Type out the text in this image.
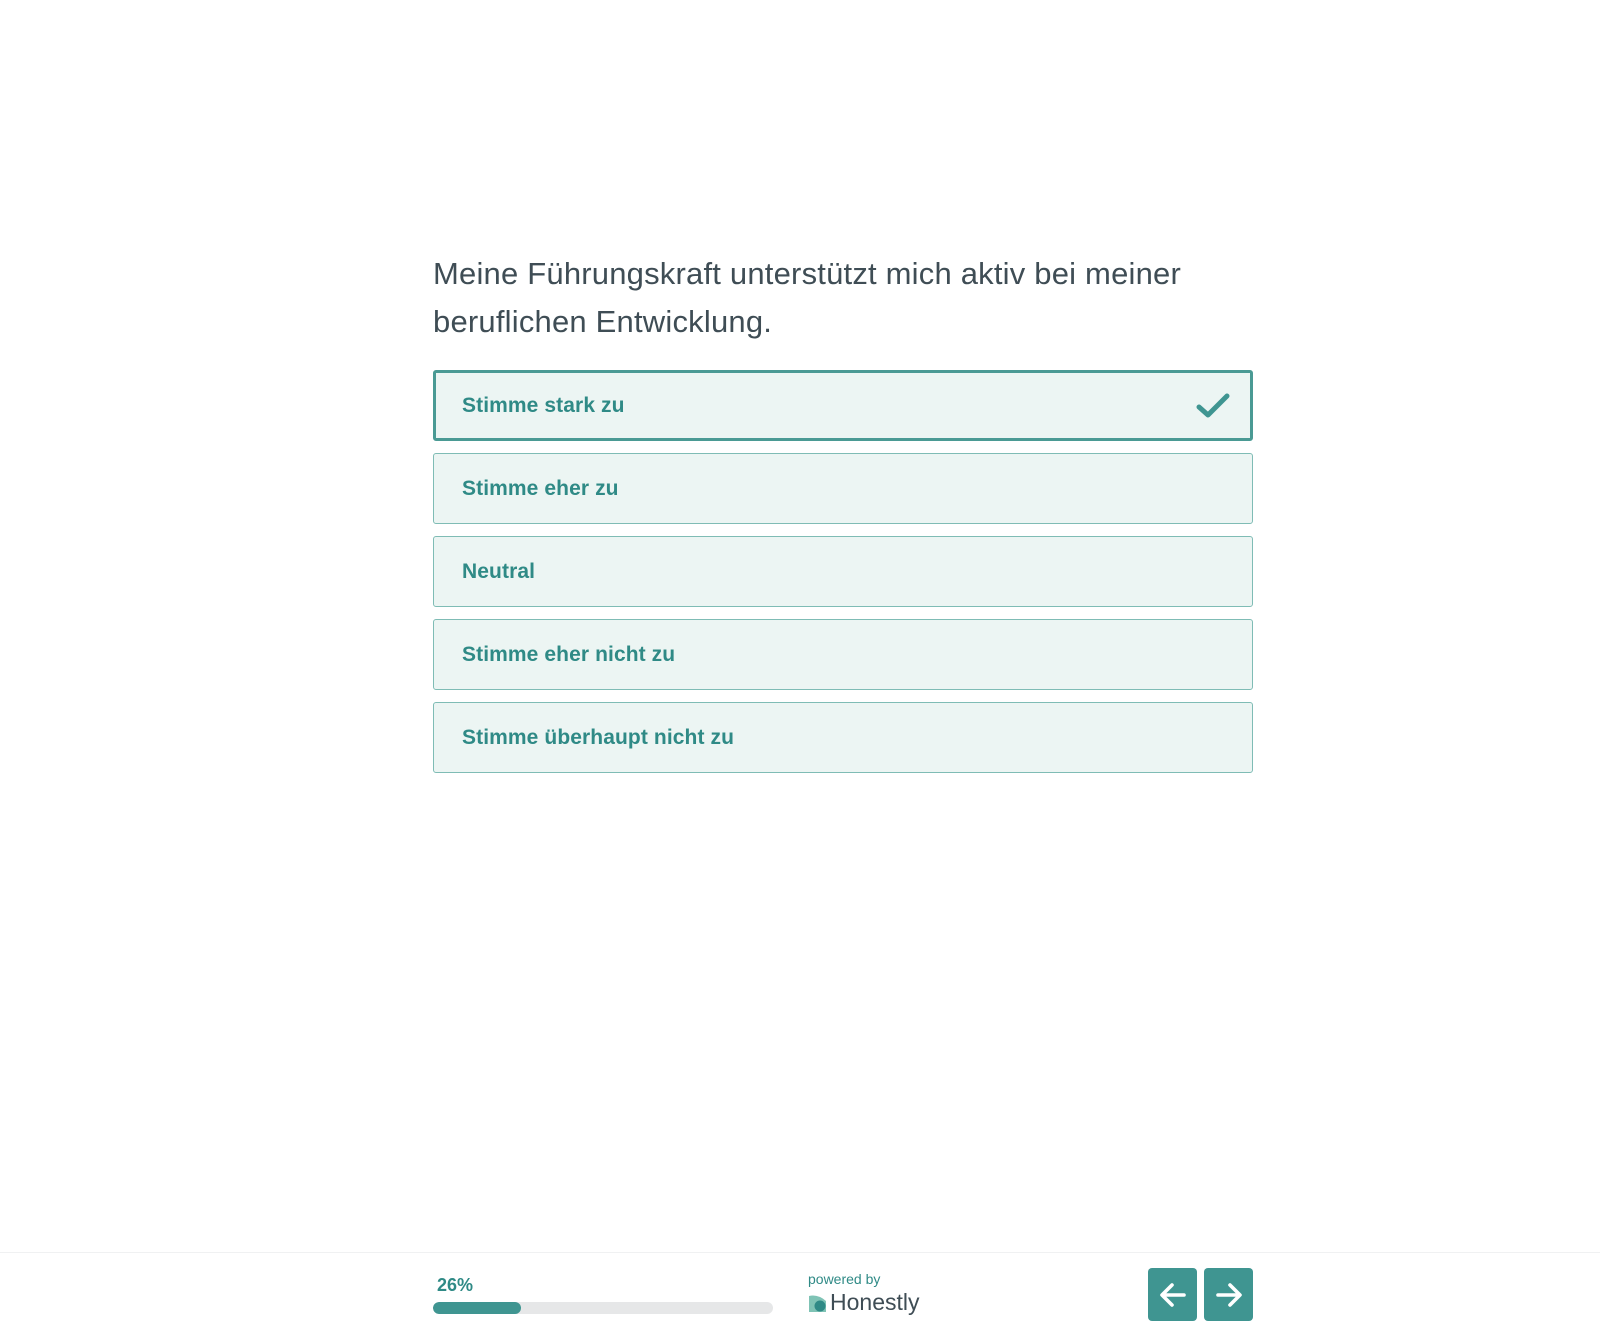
Meine Führungskraft unterstützt mich aktiv bei meiner beruflichen Entwicklung.
Stimme stark zu
Stimme eher zu
Neutral
Stimme eher nicht zu
Stimme überhaupt nicht zu
26%	powered by
Honestly
